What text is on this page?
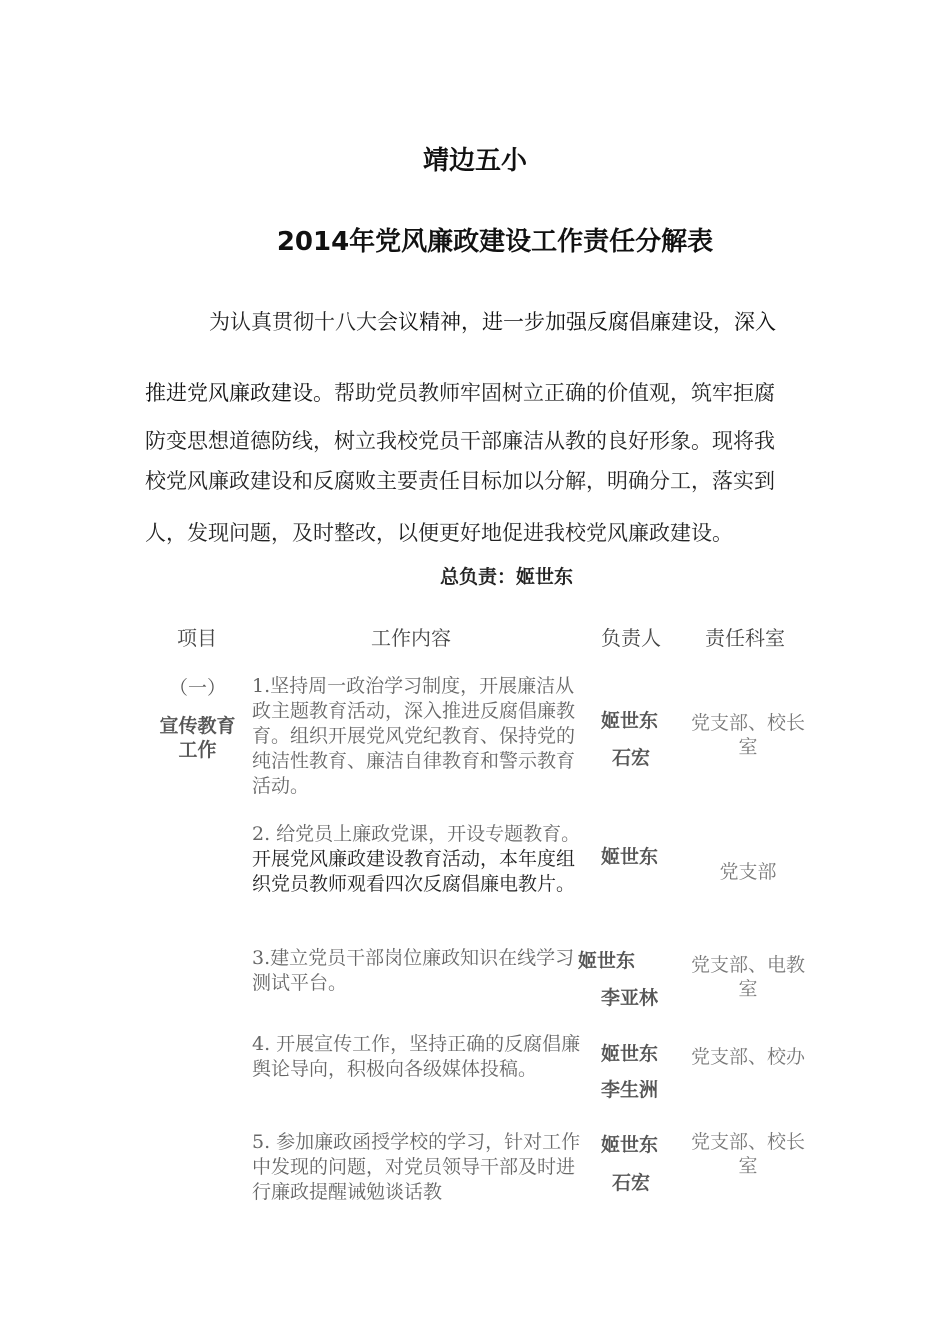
靖边五小
2014年党风廉政建设工作责任分解表
为认真贯彻十八大会议精神，进一步加强反腐倡廉建设，深入
推进党风廉政建设。帮助党员教师牢固树立正确的价值观，筑牢拒腐
防变思想道德防线，树立我校党员干部廉洁从教的良好形象。现将我
校党风廉政建设和反腐败主要责任目标加以分解，明确分工，落实到
人，发现问题，及时整改，以便更好地促进我校党风廉政建设。
总负责：姬世东
项目	工作内容	负责人 责任科室
（一）
宣传教育
工作
1.坚持周一政治学习制度，开展廉洁从政主题教育活动，深入推进反腐倡廉教育。组织开展党风党纪教育、保持党的纯洁性教育、廉洁自律教育和警示教育活动。
姬世东
石宏
党支部、校长室
2. 给党员上廉政党课，开设专题教育。开展党风廉政建设教育活动，本年度组织党员教师观看四次反腐倡廉电教片。
姬世东
党支部
3.建立党员干部岗位廉政知识在线学习测试平台。
姬世东
李亚林
党支部、电教室
4. 开展宣传工作，坚持正确的反腐倡廉舆论导向，积极向各级媒体投稿。
姬世东
李生洲
党支部、校办
5. 参加廉政函授学校的学习，针对工作中发现的问题，对党员领导干部及时进行廉政提醒诫勉谈话教
姬世东
石宏
党支部、校长室
